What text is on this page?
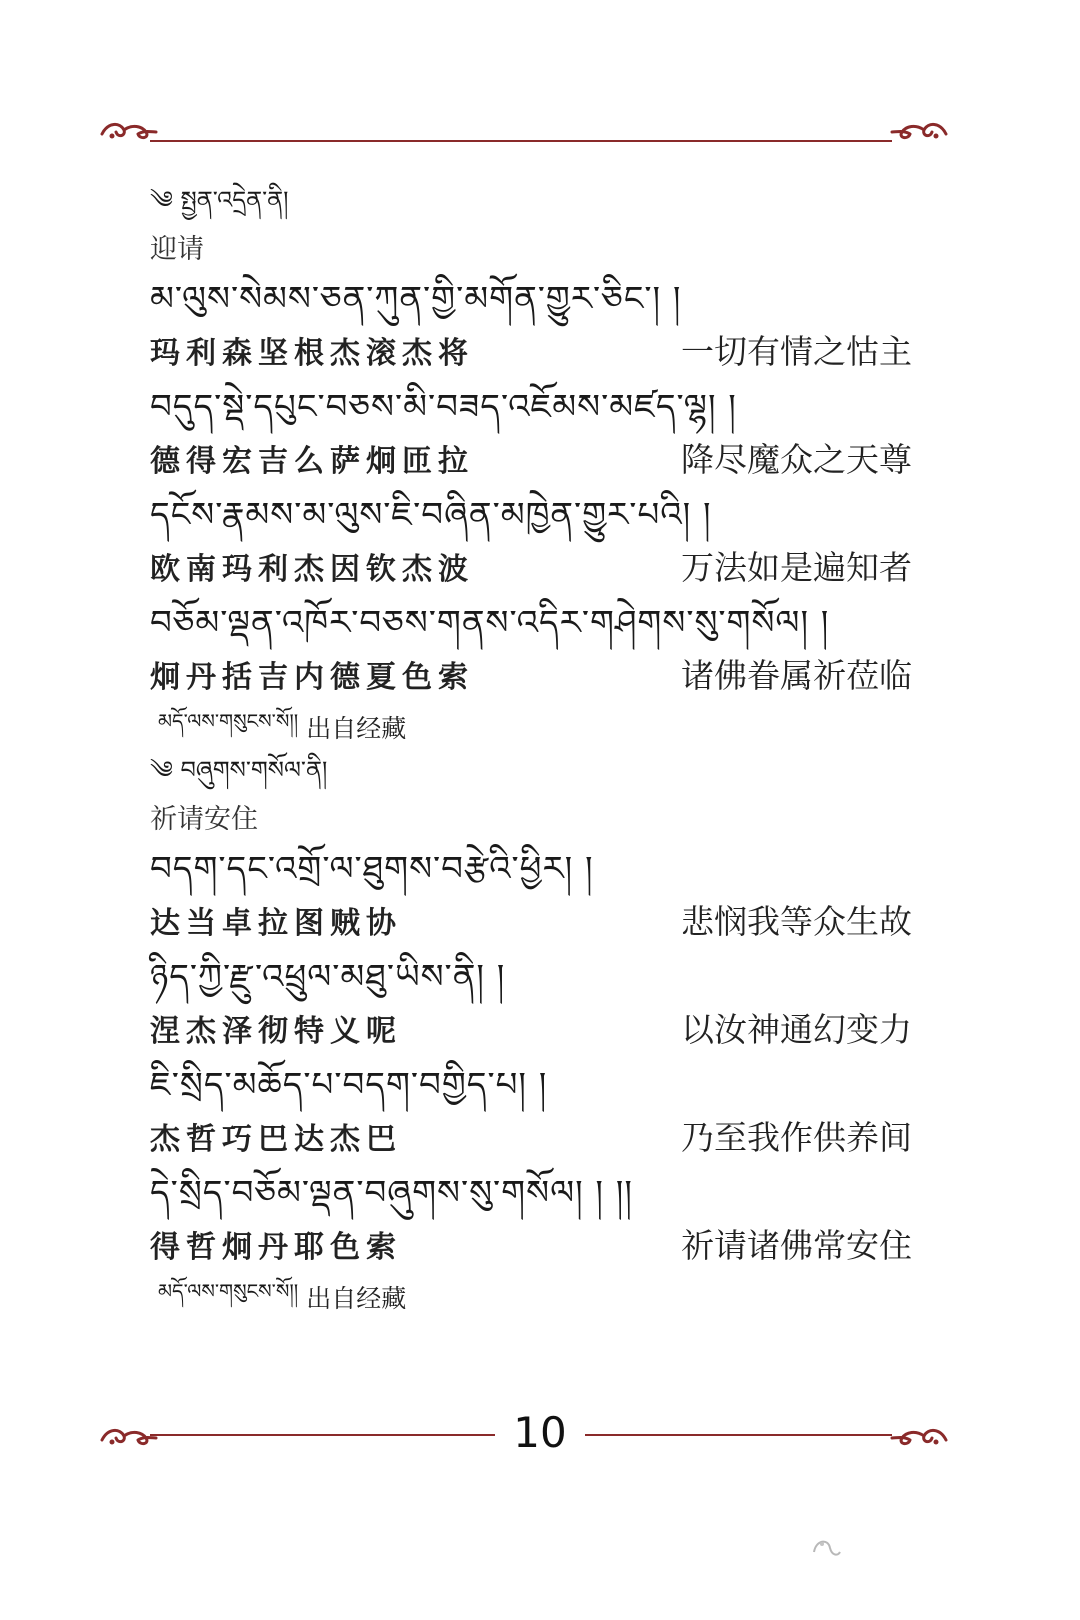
༄ སྤྱན་འདྲེན་ནི།
迎请
མ་ལུས་སེམས་ཅན་ཀུན་གྱི་མགོན་གྱུར་ཅིང་། །
玛利森坚根杰滚杰将	一切有情之怙主
བདུད་སྡེ་དཔུང་བཅས་མི་བཟད་འཇོམས་མཛད་ལྷ། །
德得宏吉么萨炯匝拉	降尽魔众之天尊
དངོས་རྣམས་མ་ལུས་ཇི་བཞིན་མཁྱེན་གྱུར་པའི། །
欧南玛利杰因钦杰波	万法如是遍知者
བཅོམ་ལྡན་འཁོར་བཅས་གནས་འདིར་གཤེགས་སུ་གསོལ། །
炯丹括吉内德夏色索	诸佛眷属祈莅临
མདོ་ལས་གསུངས་སོ།། 出自经藏
༄ བཞུགས་གསོལ་ནི།
祈请安住
བདག་དང་འགྲོ་ལ་ཐུགས་བརྩེའི་ཕྱིར། །
达当卓拉图贼协	悲悯我等众生故
ཉིད་ཀྱི་རྫུ་འཕྲུལ་མཐུ་ཡིས་ནི། །
涅杰泽彻特义呢	以汝神通幻变力
ཇི་སྲིད་མཆོད་པ་བདག་བགྱིད་པ། །
杰哲巧巴达杰巴	乃至我作供养间
དེ་སྲིད་བཅོམ་ལྡན་བཞུགས་སུ་གསོལ། ། །།
得哲炯丹耶色索	祈请诸佛常安住
མདོ་ལས་གསུངས་སོ།། 出自经藏
10
